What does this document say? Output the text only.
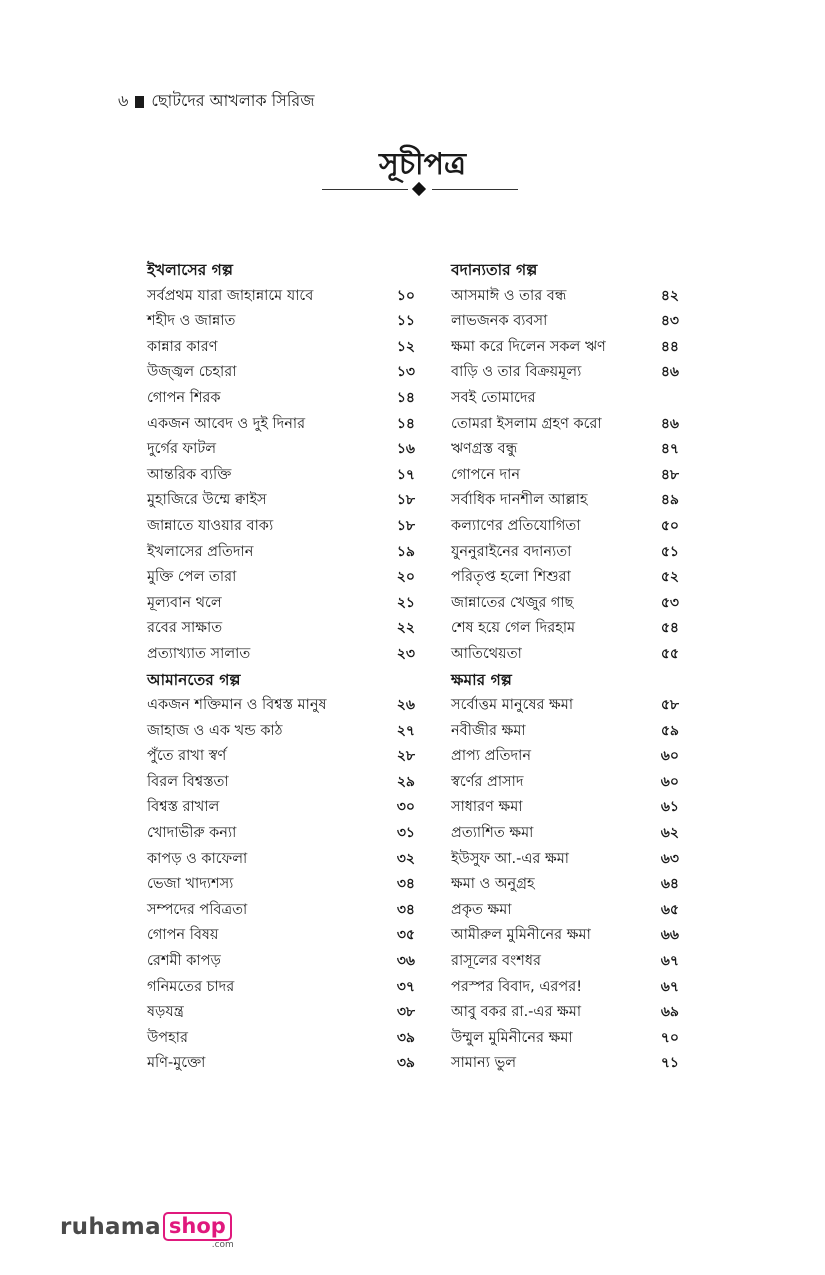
৬ ছোটদের আখলাক সিরিজ
সূচীপত্র
ইখলাসের গল্প
সর্বপ্রথম যারা জাহান্নামে যাবে	১০
শহীদ ও জান্নাত	১১
কান্নার কারণ	১২
উজ্জ্বল চেহারা	১৩
গোপন শিরক	১৪
একজন আবেদ ও দুই দিনার	১৪
দুর্গের ফাটল	১৬
আন্তরিক ব্যক্তি	১৭
মুহাজিরে উম্মে ক্বাইস	১৮
জান্নাতে যাওয়ার বাক্য	১৮
ইখলাসের প্রতিদান	১৯
মুক্তি পেল তারা	২০
মূল্যবান থলে	২১
রবের সাক্ষাত	২২
প্রত্যাখ্যাত সালাত	২৩
আমানতের গল্প
একজন শক্তিমান ও বিশ্বস্ত মানুষ	২৬
জাহাজ ও এক খন্ড কাঠ	২৭
পুঁতে রাখা স্বর্ণ	২৮
বিরল বিশ্বস্ততা	২৯
বিশ্বস্ত রাখাল	৩০
খোদাভীরু কন্যা	৩১
কাপড় ও কাফেলা	৩২
ভেজা খাদ্যশস্য	৩৪
সম্পদের পবিত্রতা	৩৪
গোপন বিষয়	৩৫
রেশমী কাপড়	৩৬
গনিমতের চাদর	৩৭
ষড়যন্ত্র	৩৮
উপহার	৩৯
মণি-মুক্তো	৩৯
বদান্যতার গল্প
আসমাঈ ও তার বন্ধ	৪২
লাভজনক ব্যবসা	৪৩
ক্ষমা করে দিলেন সকল ঋণ	৪৪
বাড়ি ও তার বিক্রয়মূল্য	৪৬
সবই তোমাদের
তোমরা ইসলাম গ্রহণ করো	৪৬
ঋণগ্রস্ত বন্ধু	৪৭
গোপনে দান	৪৮
সর্বাধিক দানশীল আল্লাহ	৪৯
কল্যাণের প্রতিযোগিতা	৫০
যুননুরাইনের বদান্যতা	৫১
পরিতৃপ্ত হলো শিশুরা	৫২
জান্নাতের খেজুর গাছ	৫৩
শেষ হয়ে গেল দিরহাম	৫৪
আতিথেয়তা	৫৫
ক্ষমার গল্প
সর্বোত্তম মানুষের ক্ষমা	৫৮
নবীজীর ক্ষমা	৫৯
প্রাপ্য প্রতিদান	৬০
স্বর্ণের প্রাসাদ	৬০
সাধারণ ক্ষমা	৬১
প্রত্যাশিত ক্ষমা	৬২
ইউসুফ আ.-এর ক্ষমা	৬৩
ক্ষমা ও অনুগ্রহ	৬৪
প্রকৃত ক্ষমা	৬৫
আমীরুল মুমিনীনের ক্ষমা	৬৬
রাসূলের বংশধর	৬৭
পরস্পর বিবাদ, এরপর!	৬৭
আবু বকর রা.-এর ক্ষমা	৬৯
উম্মুল মুমিনীনের ক্ষমা	৭০
সামান্য ভুল	৭১
ruhama shop
.com
